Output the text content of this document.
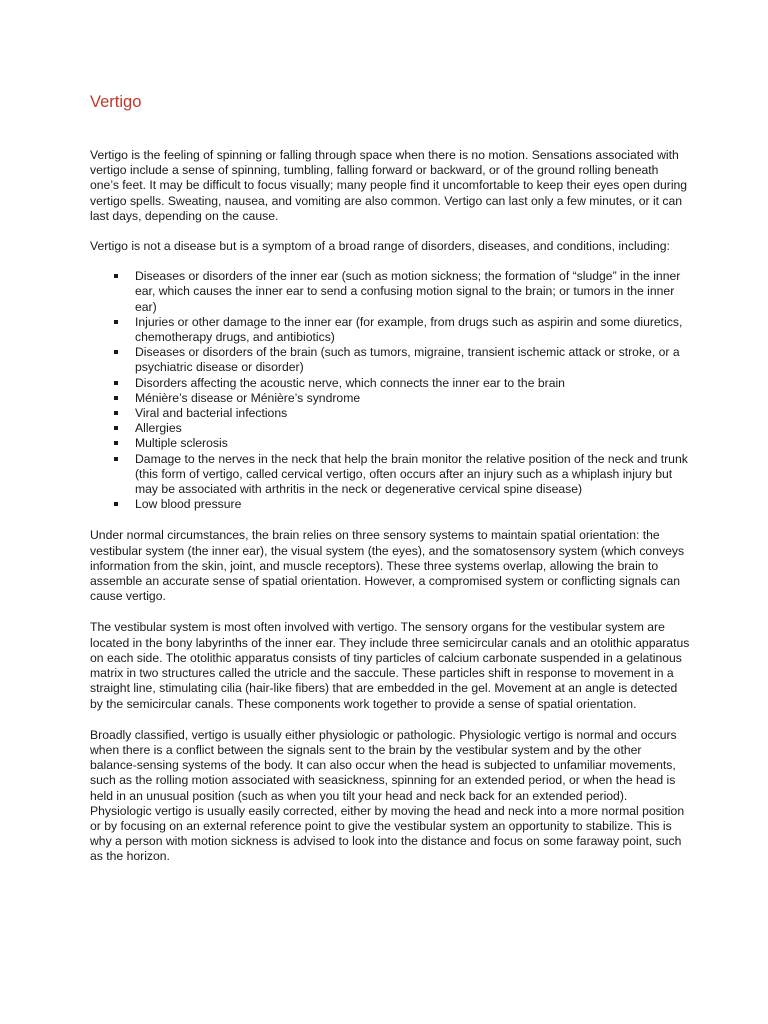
Vertigo

Vertigo is the feeling of spinning or falling through space when there is no motion. Sensations associated with vertigo include a sense of spinning, tumbling, falling forward or backward, or of the ground rolling beneath one’s feet. It may be difficult to focus visually; many people find it uncomfortable to keep their eyes open during vertigo spells. Sweating, nausea, and vomiting are also common. Vertigo can last only a few minutes, or it can last days, depending on the cause.

Vertigo is not a disease but is a symptom of a broad range of disorders, diseases, and conditions, including:

Diseases or disorders of the inner ear (such as motion sickness; the formation of “sludge” in the inner ear, which causes the inner ear to send a confusing motion signal to the brain; or tumors in the inner ear)
Injuries or other damage to the inner ear (for example, from drugs such as aspirin and some diuretics, chemotherapy drugs, and antibiotics)
Diseases or disorders of the brain (such as tumors, migraine, transient ischemic attack or stroke, or a psychiatric disease or disorder)
Disorders affecting the acoustic nerve, which connects the inner ear to the brain
Ménière’s disease or Ménière’s syndrome
Viral and bacterial infections
Allergies
Multiple sclerosis
Damage to the nerves in the neck that help the brain monitor the relative position of the neck and trunk (this form of vertigo, called cervical vertigo, often occurs after an injury such as a whiplash injury but may be associated with arthritis in the neck or degenerative cervical spine disease)
Low blood pressure

Under normal circumstances, the brain relies on three sensory systems to maintain spatial orientation: the vestibular system (the inner ear), the visual system (the eyes), and the somatosensory system (which conveys information from the skin, joint, and muscle receptors). These three systems overlap, allowing the brain to assemble an accurate sense of spatial orientation. However, a compromised system or conflicting signals can cause vertigo.

The vestibular system is most often involved with vertigo. The sensory organs for the vestibular system are located in the bony labyrinths of the inner ear. They include three semicircular canals and an otolithic apparatus on each side. The otolithic apparatus consists of tiny particles of calcium carbonate suspended in a gelatinous matrix in two structures called the utricle and the saccule. These particles shift in response to movement in a straight line, stimulating cilia (hair-like fibers) that are embedded in the gel. Movement at an angle is detected by the semicircular canals. These components work together to provide a sense of spatial orientation.

Broadly classified, vertigo is usually either physiologic or pathologic. Physiologic vertigo is normal and occurs when there is a conflict between the signals sent to the brain by the vestibular system and by the other balance-sensing systems of the body. It can also occur when the head is subjected to unfamiliar movements, such as the rolling motion associated with seasickness, spinning for an extended period, or when the head is held in an unusual position (such as when you tilt your head and neck back for an extended period). Physiologic vertigo is usually easily corrected, either by moving the head and neck into a more normal position or by focusing on an external reference point to give the vestibular system an opportunity to stabilize. This is why a person with motion sickness is advised to look into the distance and focus on some faraway point, such as the horizon.
